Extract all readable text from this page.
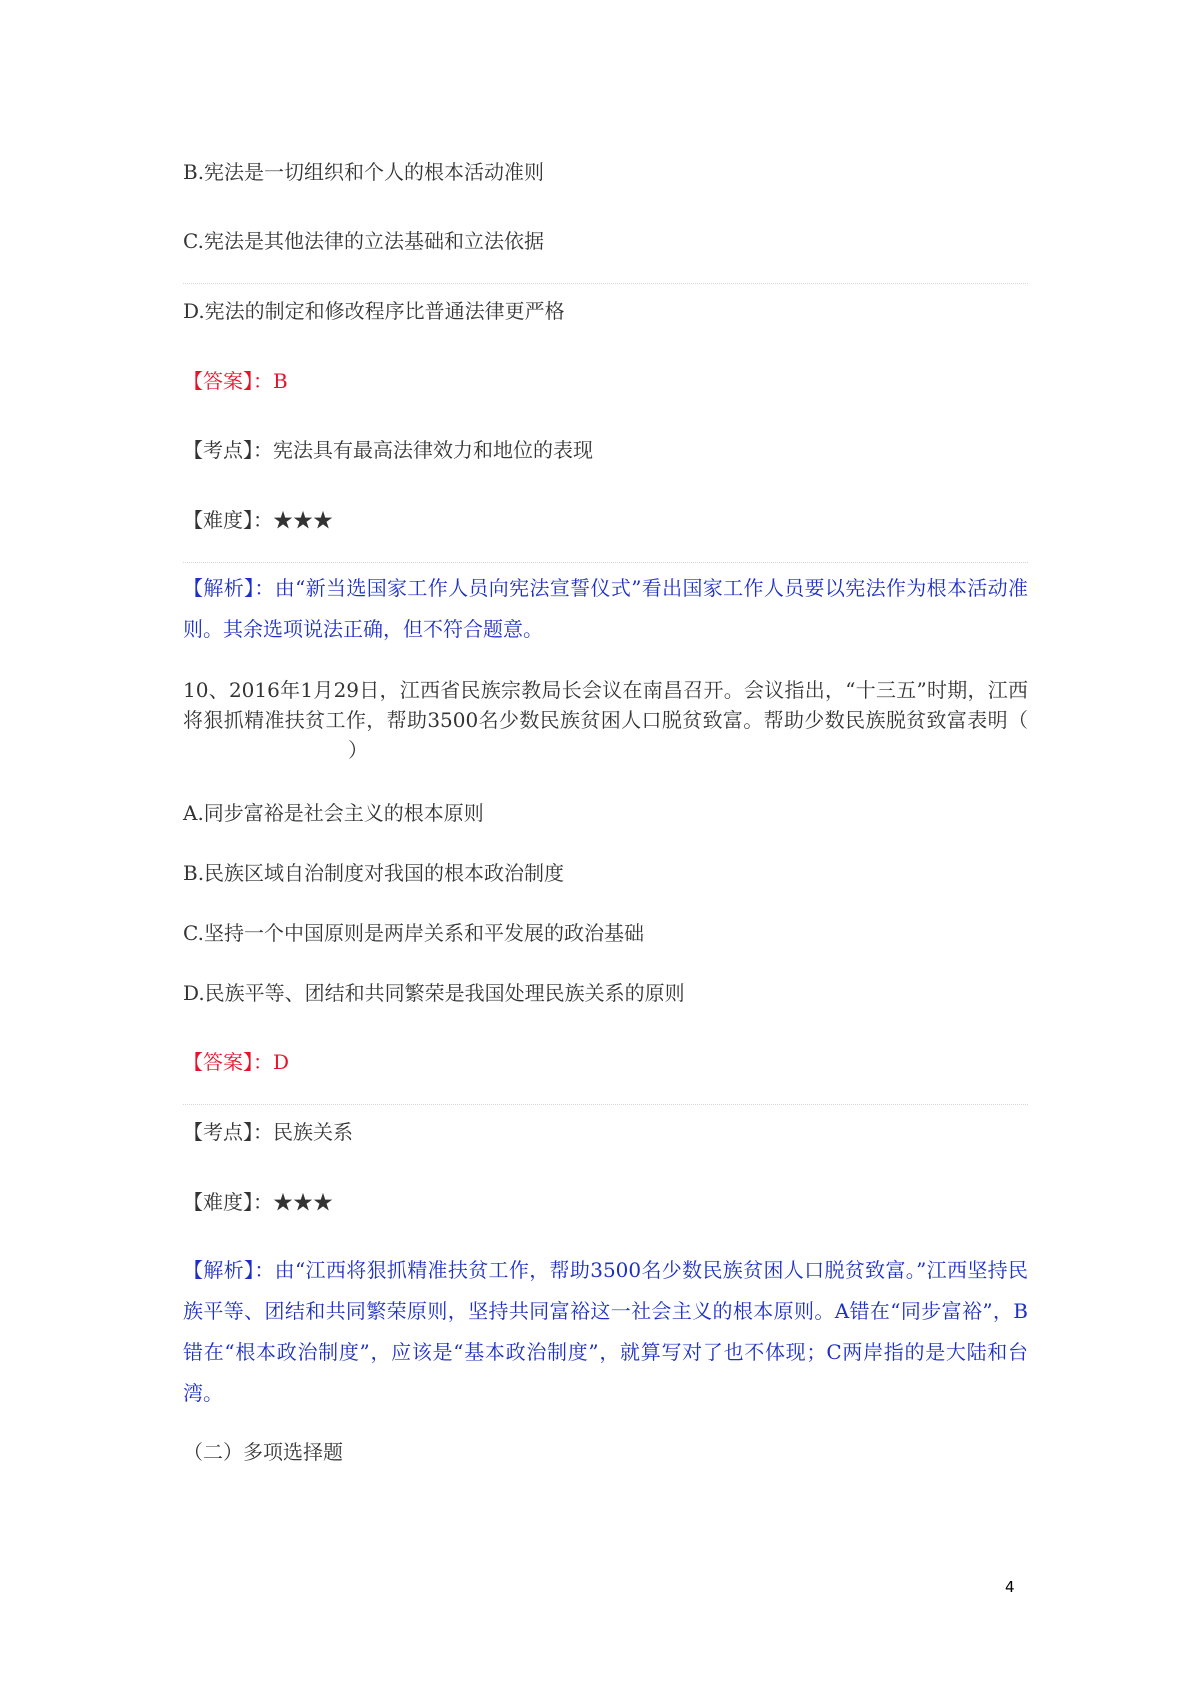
B.宪法是一切组织和个人的根本活动准则
C.宪法是其他法律的立法基础和立法依据
D.宪法的制定和修改程序比普通法律更严格
【答案】：B
【考点】：宪法具有最高法律效力和地位的表现
【难度】：★★★
【解析】：由“新当选国家工作人员向宪法宣誓仪式”看出国家工作人员要以宪法作为根本活动准则。其余选项说法正确，但不符合题意。
10、2016年1月29日，江西省民族宗教局长会议在南昌召开。会议指出，“十三五”时期，江西将狠抓精准扶贫工作，帮助3500名少数民族贫困人口脱贫致富。帮助少数民族脱贫致富表明（）
A.同步富裕是社会主义的根本原则
B.民族区域自治制度对我国的根本政治制度
C.坚持一个中国原则是两岸关系和平发展的政治基础
D.民族平等、团结和共同繁荣是我国处理民族关系的原则
【答案】：D
【考点】：民族关系
【难度】：★★★
【解析】：由“江西将狠抓精准扶贫工作，帮助3500名少数民族贫困人口脱贫致富。”江西坚持民族平等、团结和共同繁荣原则，坚持共同富裕这一社会主义的根本原则。A错在“同步富裕”，B错在“根本政治制度”，应该是“基本政治制度”，就算写对了也不体现；C两岸指的是大陆和台湾。
（二）多项选择题
4
